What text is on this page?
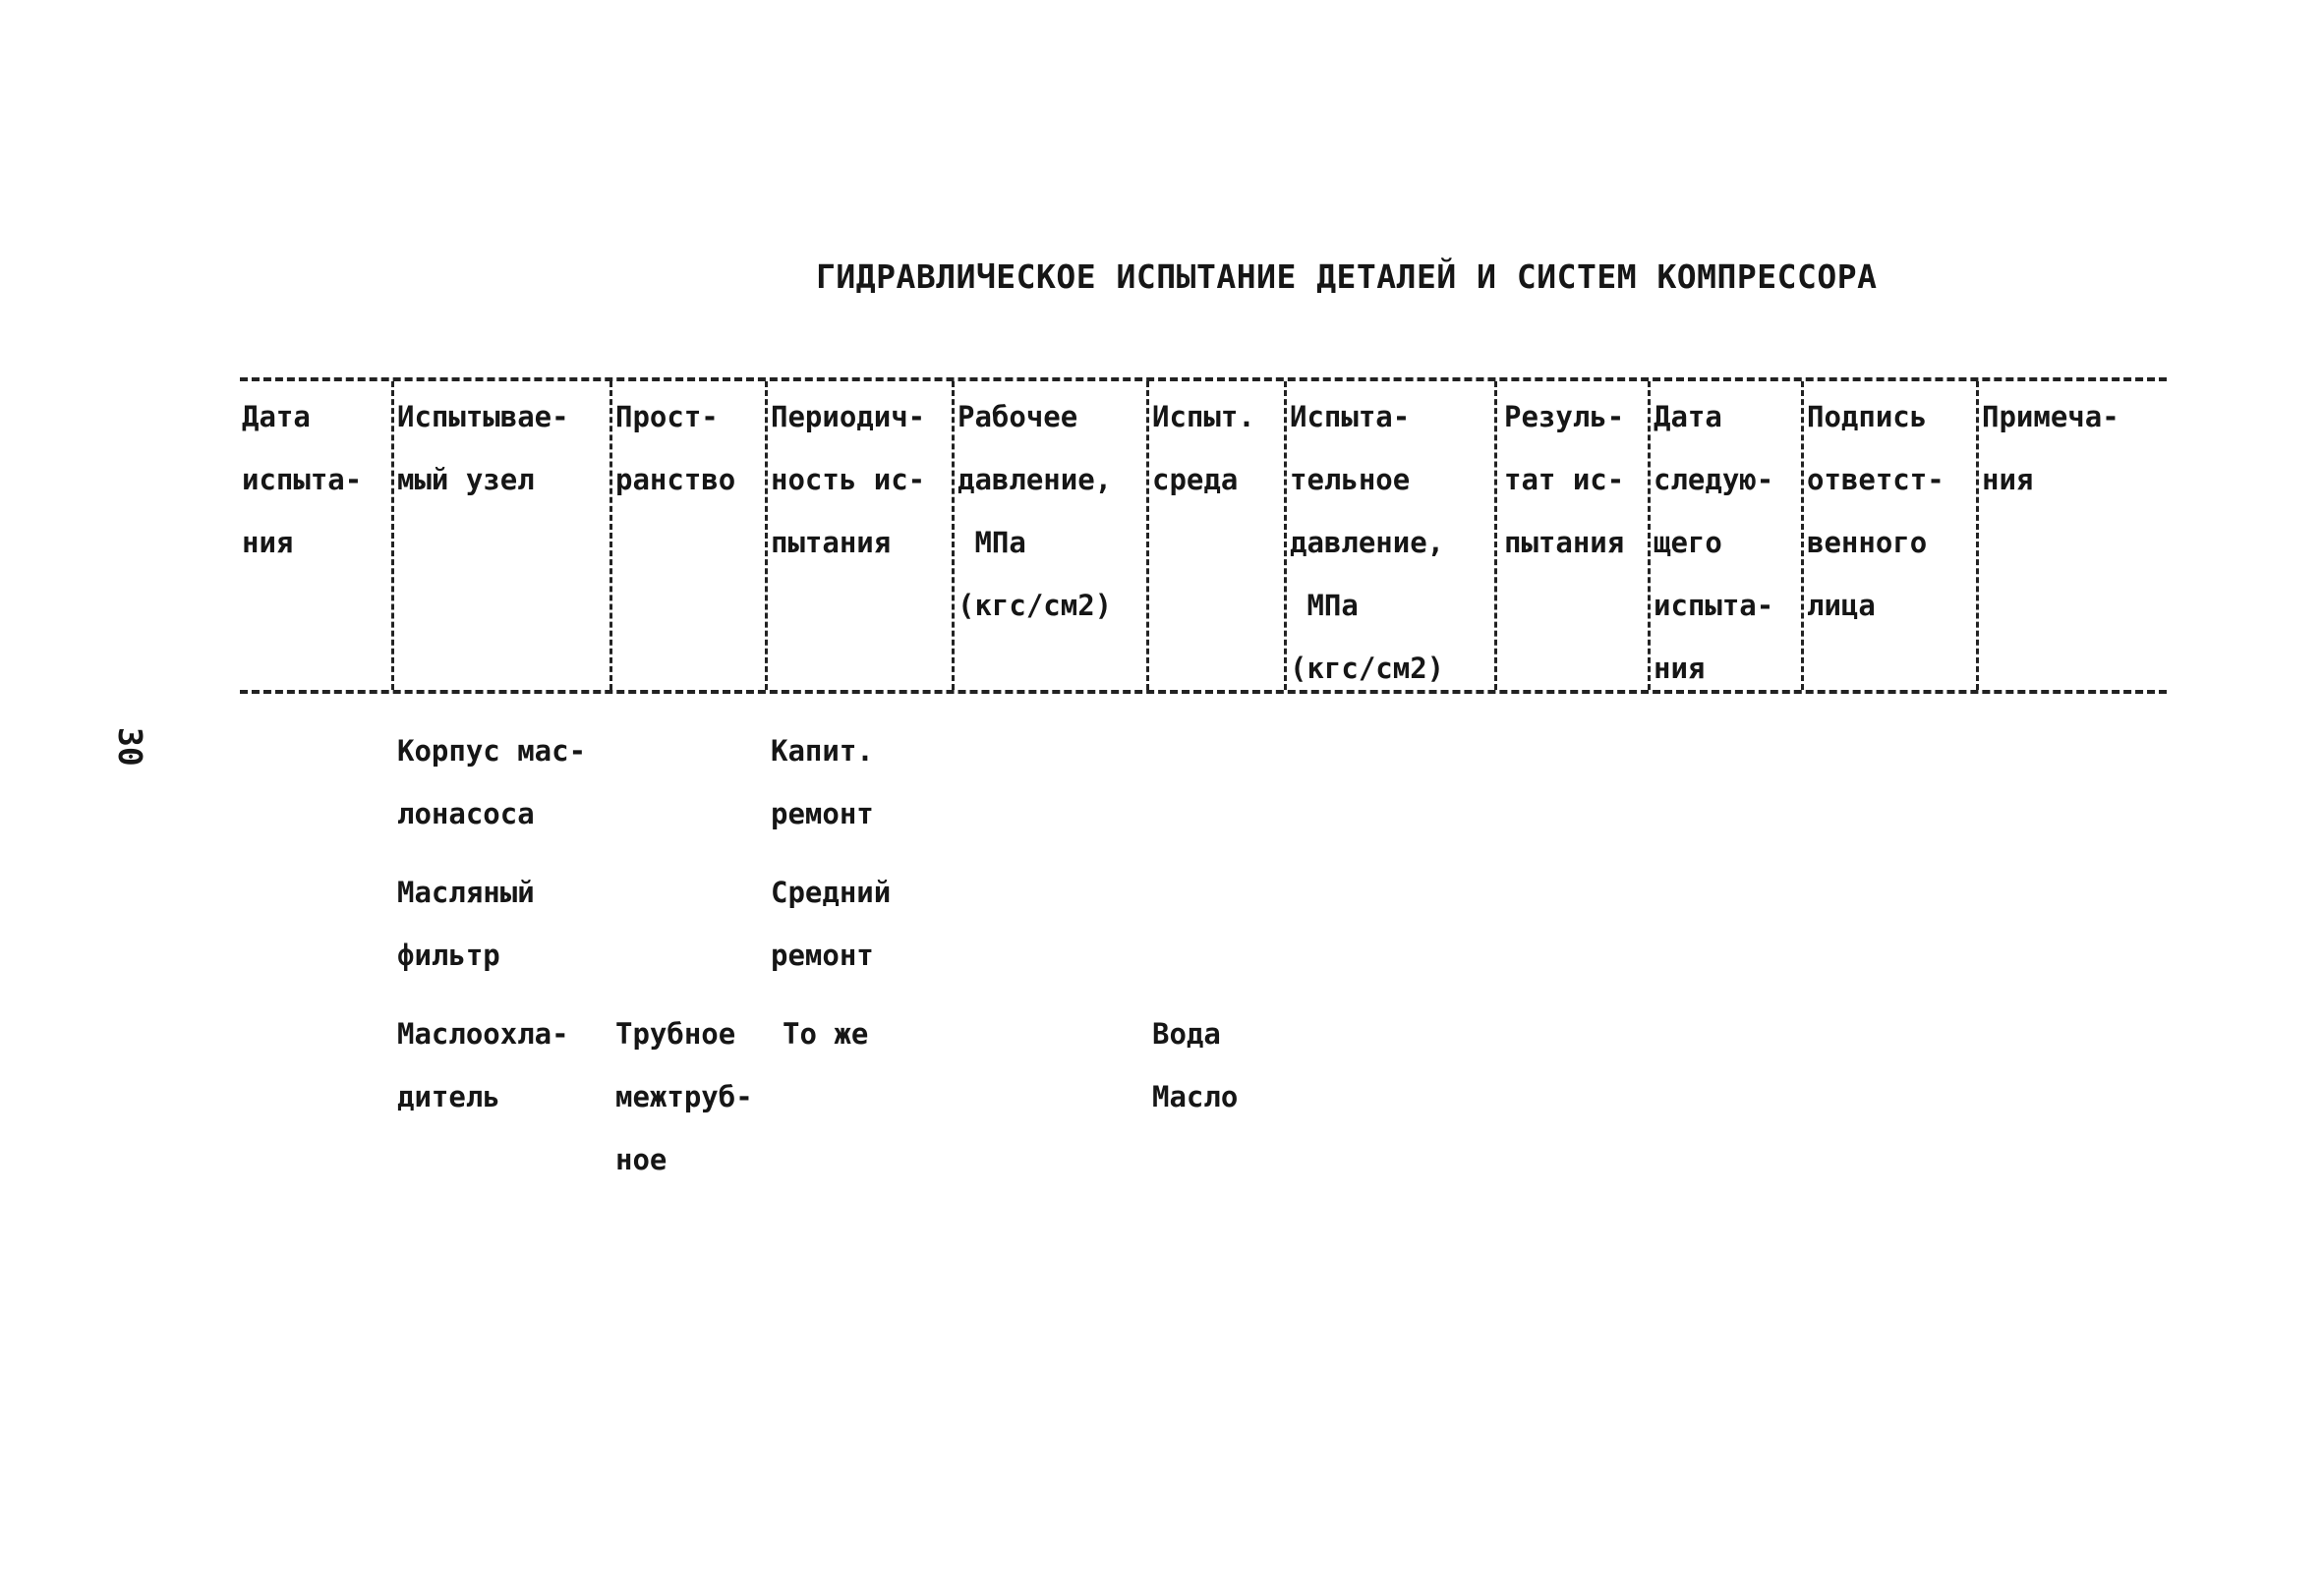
ГИДРАВЛИЧЕСКОЕ ИСПЫТАНИЕ ДЕТАЛЕЙ И СИСТЕМ КОМПРЕССОРА
30
Дата
испыта-
ния
Испытывае-
мый узел
Прост-
ранство
Периодич-
ность ис-
пытания
Рабочее
давление,
МПа
(кгс/см2)
Испыт.
среда
Испыта-
тельное
давление,
МПа
(кгс/см2)
Резуль-
тат ис-
пытания
Дата
следую-
щего
испыта-
ния
Подпись
ответст-
венного
лица
Примеча-
ния
Корпус мас-
лонасоса
Капит.
ремонт
Масляный
фильтр
Средний
ремонт
Маслоохла-
дитель
Трубное
межтруб-
ное
То же	Вода
Масло
